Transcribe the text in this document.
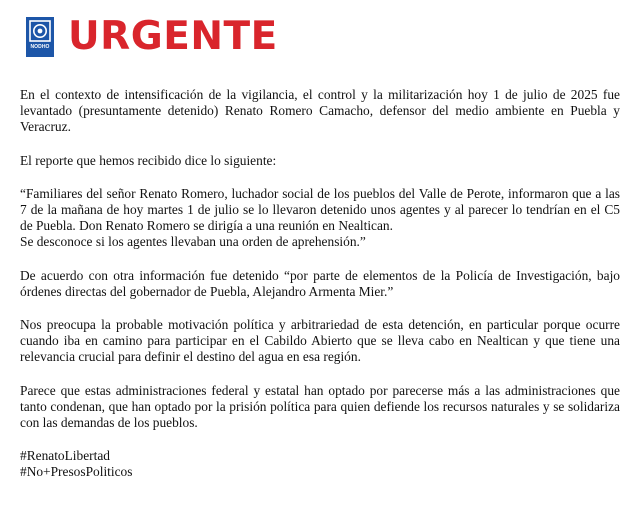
NODHO URGENTE

En el contexto de intensificación de la vigilancia, el control y la militarización hoy 1 de julio de 2025 fue levantado (presuntamente detenido) Renato Romero Camacho, defensor del medio ambiente en Puebla y Veracruz.

El reporte que hemos recibido dice lo siguiente:

“Familiares del señor Renato Romero, luchador social de los pueblos del Valle de Perote, informaron que a las 7 de la mañana de hoy martes 1 de julio se lo llevaron detenido unos agentes y al parecer lo tendrían en el C5 de Puebla. Don Renato Romero se dirigía a una reunión en Nealtican.
Se desconoce si los agentes llevaban una orden de aprehensión.”

De acuerdo con otra información fue detenido “por parte de elementos de la Policía de Investigación, bajo órdenes directas del gobernador de Puebla, Alejandro Armenta Mier.”

Nos preocupa la probable motivación política y arbitrariedad de esta detención, en particular porque ocurre cuando iba en camino para participar en el Cabildo Abierto que se lleva cabo en Nealtican y que tiene una relevancia crucial para definir el destino del agua en esa región.

Parece que estas administraciones federal y estatal han optado por parecerse más a las administraciones que tanto condenan, que han optado por la prisión política para quien defiende los recursos naturales y se solidariza con las demandas de los pueblos.

#RenatoLibertad
#No+PresosPoliticos
